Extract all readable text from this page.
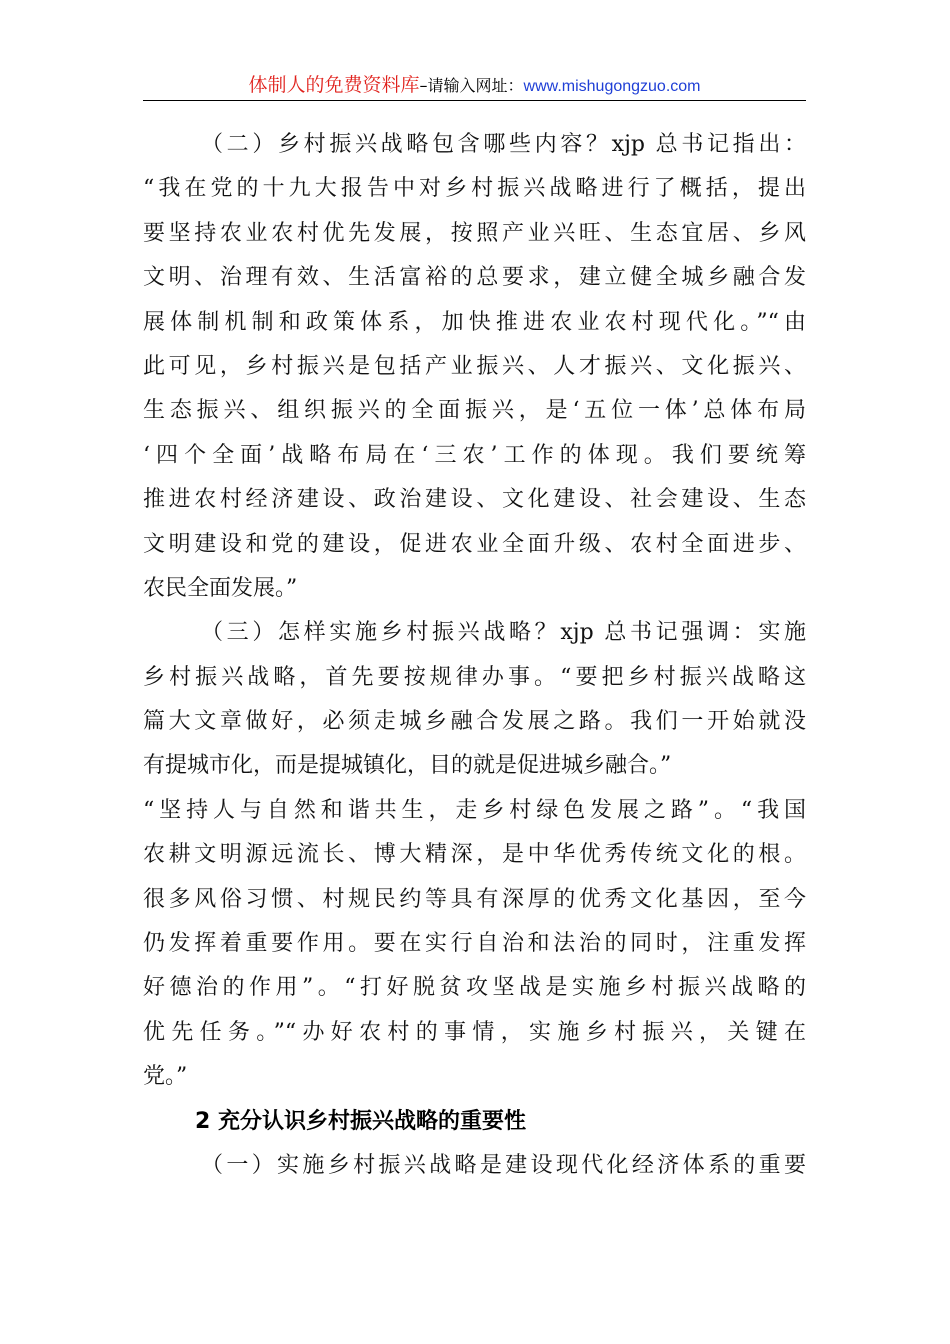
体制人的免费资料库–请输入网址：www.mishugongzuo.com
（二）乡村振兴战略包含哪些内容？xjp 总书记指出：
“我在党的十九大报告中对乡村振兴战略进行了概括，提出
要坚持农业农村优先发展，按照产业兴旺、生态宜居、乡风
文明、治理有效、生活富裕的总要求，建立健全城乡融合发
展体制机制和政策体系，加快推进农业农村现代化。”“由
此可见，乡村振兴是包括产业振兴、人才振兴、文化振兴、
生态振兴、组织振兴的全面振兴，是‘五位一体’总体布局
‘四个全面’战略布局在‘三农’工作的体现。我们要统筹
推进农村经济建设、政治建设、文化建设、社会建设、生态
文明建设和党的建设，促进农业全面升级、农村全面进步、
农民全面发展。”
（三）怎样实施乡村振兴战略？xjp 总书记强调：实施
乡村振兴战略，首先要按规律办事。“要把乡村振兴战略这
篇大文章做好，必须走城乡融合发展之路。我们一开始就没
有提城市化，而是提城镇化，目的就是促进城乡融合。”
“坚持人与自然和谐共生，走乡村绿色发展之路”。“我国
农耕文明源远流长、博大精深，是中华优秀传统文化的根。
很多风俗习惯、村规民约等具有深厚的优秀文化基因，至今
仍发挥着重要作用。要在实行自治和法治的同时，注重发挥
好德治的作用”。“打好脱贫攻坚战是实施乡村振兴战略的
优先任务。”“办好农村的事情，实施乡村振兴，关键在
党。”
2 充分认识乡村振兴战略的重要性
（一）实施乡村振兴战略是建设现代化经济体系的重要
